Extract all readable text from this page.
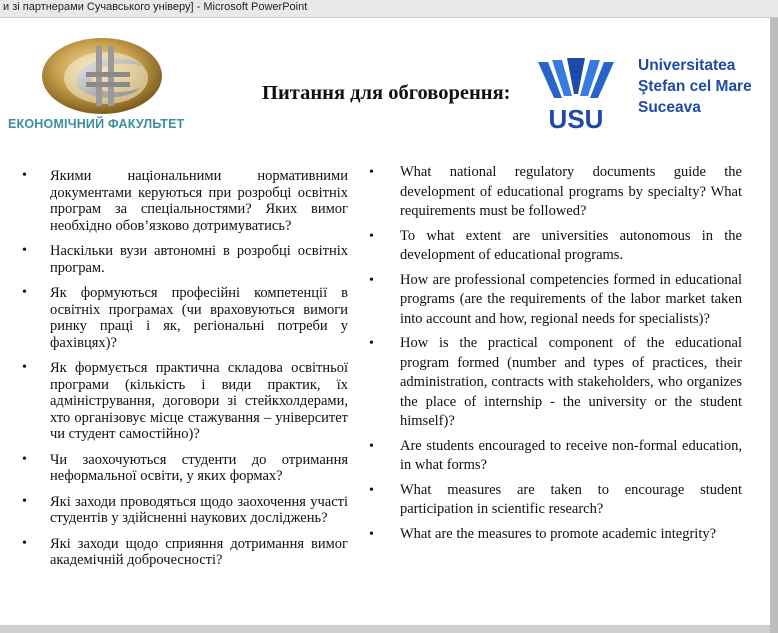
и зі партнерами Сучавського універу] - Microsoft PowerPoint
ЕКОНОМІЧНИЙ ФАКУЛЬТЕТ
Питання для обговорення:
USU
Universitatea
Ştefan cel Mare
Suceava
• Якими національними нормативними документами керуються при розробці освітніх програм за спеціальностями? Яких вимог необхідно обов’язково дотримуватись?
• Наскільки вузи автономні в розробці освітніх програм.
• Як формуються професійні компетенції в освітніх програмах (чи враховуються вимоги ринку праці і як, регіональні потреби у фахівцях)?
• Як формується практична складова освітньої програми (кількість і види практик, їх адміністрування, договори зі стейкхолдерами, хто організовує місце стажування – університет чи студент самостійно)?
• Чи заохочуються студенти до отримання неформальної освіти, у яких формах?
• Які заходи проводяться щодо заохочення участі студентів у здійсненні наукових досліджень?
• Які заходи щодо сприяння дотримання вимог академічній доброчесності?
• What national regulatory documents guide the development of educational programs by specialty? What requirements must be followed?
• To what extent are universities autonomous in the development of educational programs.
• How are professional competencies formed in educational programs (are the requirements of the labor market taken into account and how, regional needs for specialists)?
• How is the practical component of the educational program formed (number and types of practices, their administration, contracts with stakeholders, who organizes the place of internship - the university or the student himself)?
• Are students encouraged to receive non-formal education, in what forms?
• What measures are taken to encourage student participation in scientific research?
• What are the measures to promote academic integrity?
